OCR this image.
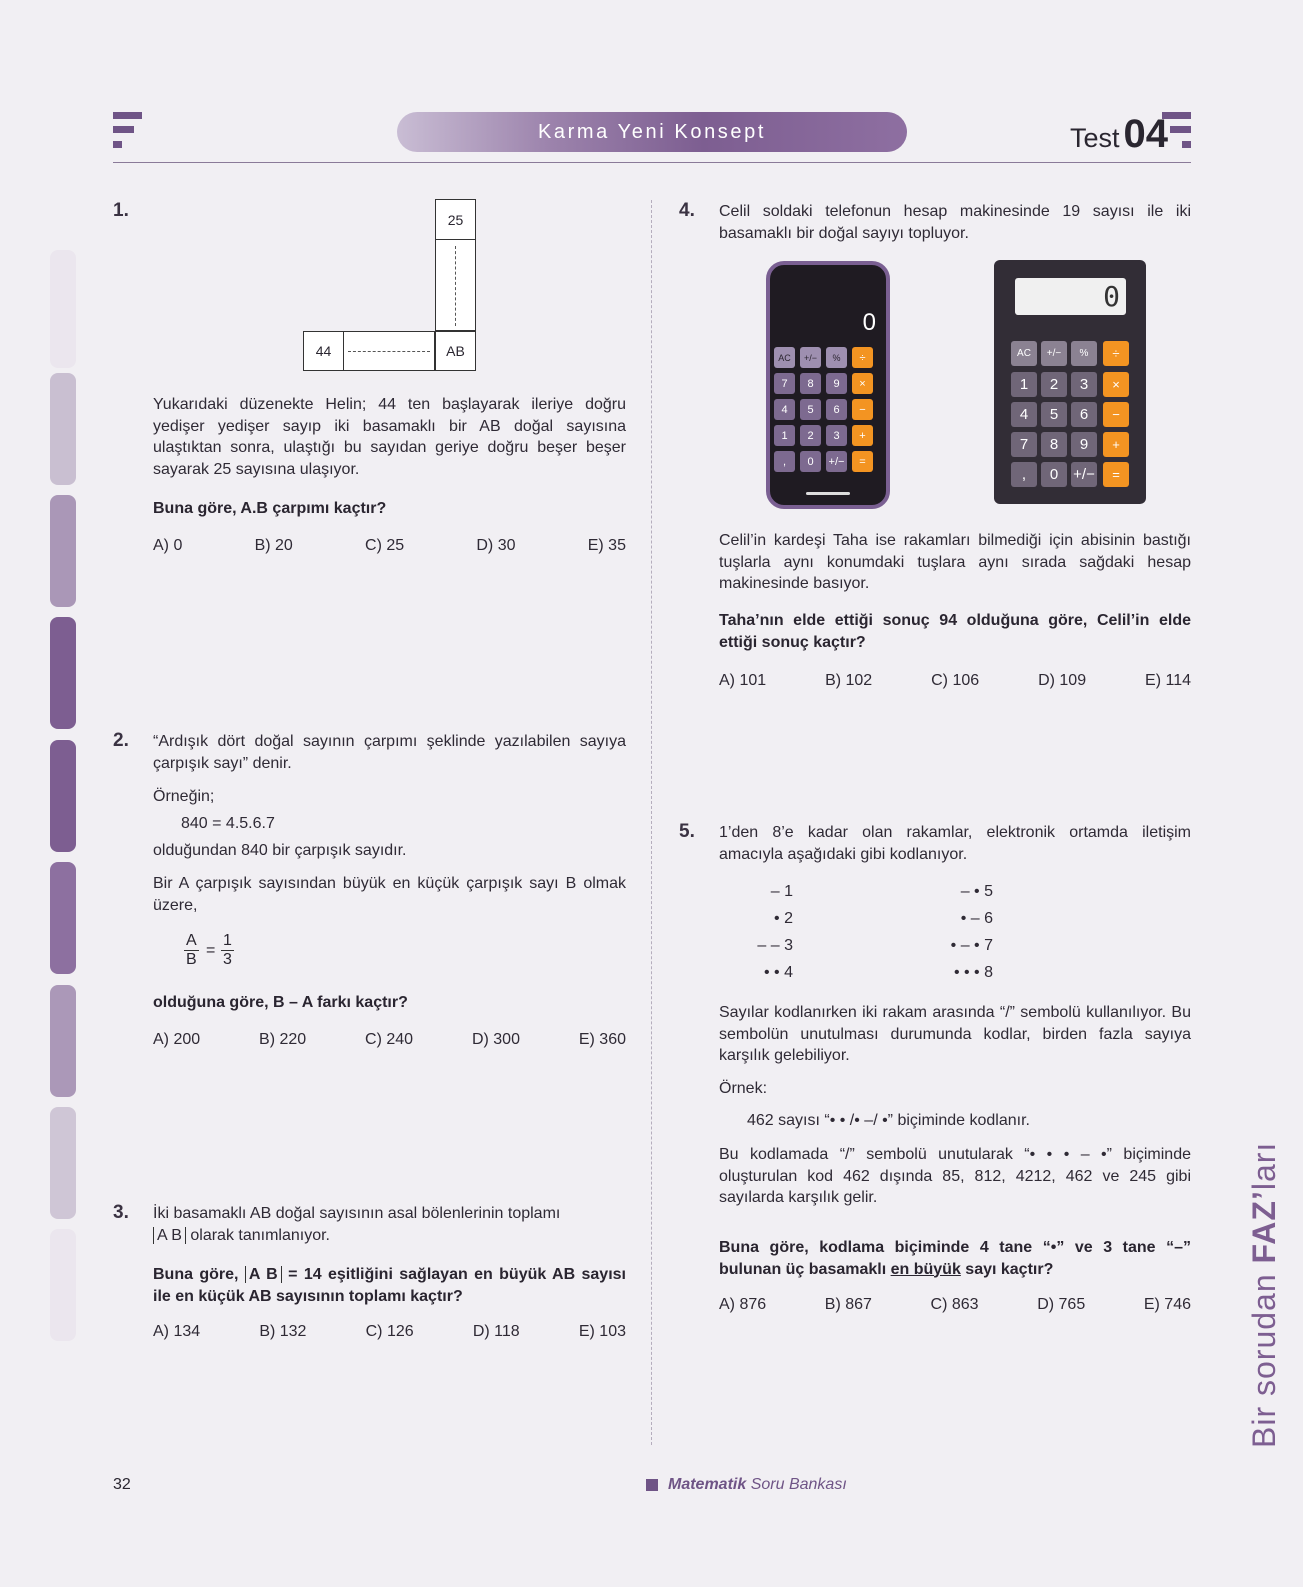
Karma Yeni Konsept	Test 04
1.	25
44	AB
Yukarıdaki düzenekte Helin; 44 ten başlayarak ileriye doğru yedişer yedişer sayıp iki basamaklı bir AB doğal sayısına ulaştıktan sonra, ulaştığı bu sayıdan geriye doğru beşer beşer sayarak 25 sayısına ulaşıyor.
Buna göre, A.B çarpımı kaçtır?
A) 0	B) 20	C) 25	D) 30	E) 35
2. “Ardışık dört doğal sayının çarpımı şeklinde yazılabilen sayıya çarpışık sayı” denir.
Örneğin;
840 = 4.5.6.7
olduğundan 840 bir çarpışık sayıdır.
Bir A çarpışık sayısından büyük en küçük çarpışık sayı B olmak üzere,
$\frac{A}{B} = \frac{1}{3}$
olduğuna göre, B – A farkı kaçtır?
A) 200	B) 220	C) 240	D) 300	E) 360
3. İki basamaklı AB doğal sayısının asal bölenlerinin toplamı
A B olarak tanımlanıyor.
Buna göre, A B = 14 eşitliğini sağlayan en büyük AB sayısı ile en küçük AB sayısının toplamı kaçtır?
A) 134	B) 132	C) 126	D) 118	E) 103
4. Celil soldaki telefonun hesap makinesinde 19 sayısı ile iki basamaklı bir doğal sayıyı topluyor.
0
AC	+/−	%	÷
7	8	9	×
4	5	6	−
1	2	3	+
,	0	+/−	=
0
AC	+/−	%	÷
1	2	3	×
4	5	6	−
7	8	9	+
,	0 +/−	=
Celil’in kardeşi Taha ise rakamları bilmediği için abisinin bastığı tuşlarla aynı konumdaki tuşlara aynı sırada sağdaki hesap makinesinde basıyor.
Taha’nın elde ettiği sonuç 94 olduğuna göre, Celil’in elde ettiği sonuç kaçtır?
A) 101	B) 102	C) 106	D) 109	E) 114
5. 1’den 8’e kadar olan rakamlar, elektronik ortamda iletişim amacıyla aşağıdaki gibi kodlanıyor.
– 1
• 2
– – 3
• • 4
– • 5
• – 6
• – • 7
• • • 8
Sayılar kodlanırken iki rakam arasında “/” sembolü kullanılıyor. Bu sembolün unutulması durumunda kodlar, birden fazla sayıya karşılık gelebiliyor.
Örnek:
462 sayısı “• • /• –/ •” biçiminde kodlanır.
Bu kodlamada “/” sembolü unutularak “• • • – •” biçiminde oluşturulan kod 462 dışında 85, 812, 4212, 462 ve 245 gibi sayılarda karşılık gelir.
Buna göre, kodlama biçiminde 4 tane “•” ve 3 tane “–” bulunan üç basamaklı en büyük sayı kaçtır?
A) 876	B) 867	C) 863	D) 765	E) 746
32	Matematik Soru Bankası
Bir sorudan FAZ’ları
